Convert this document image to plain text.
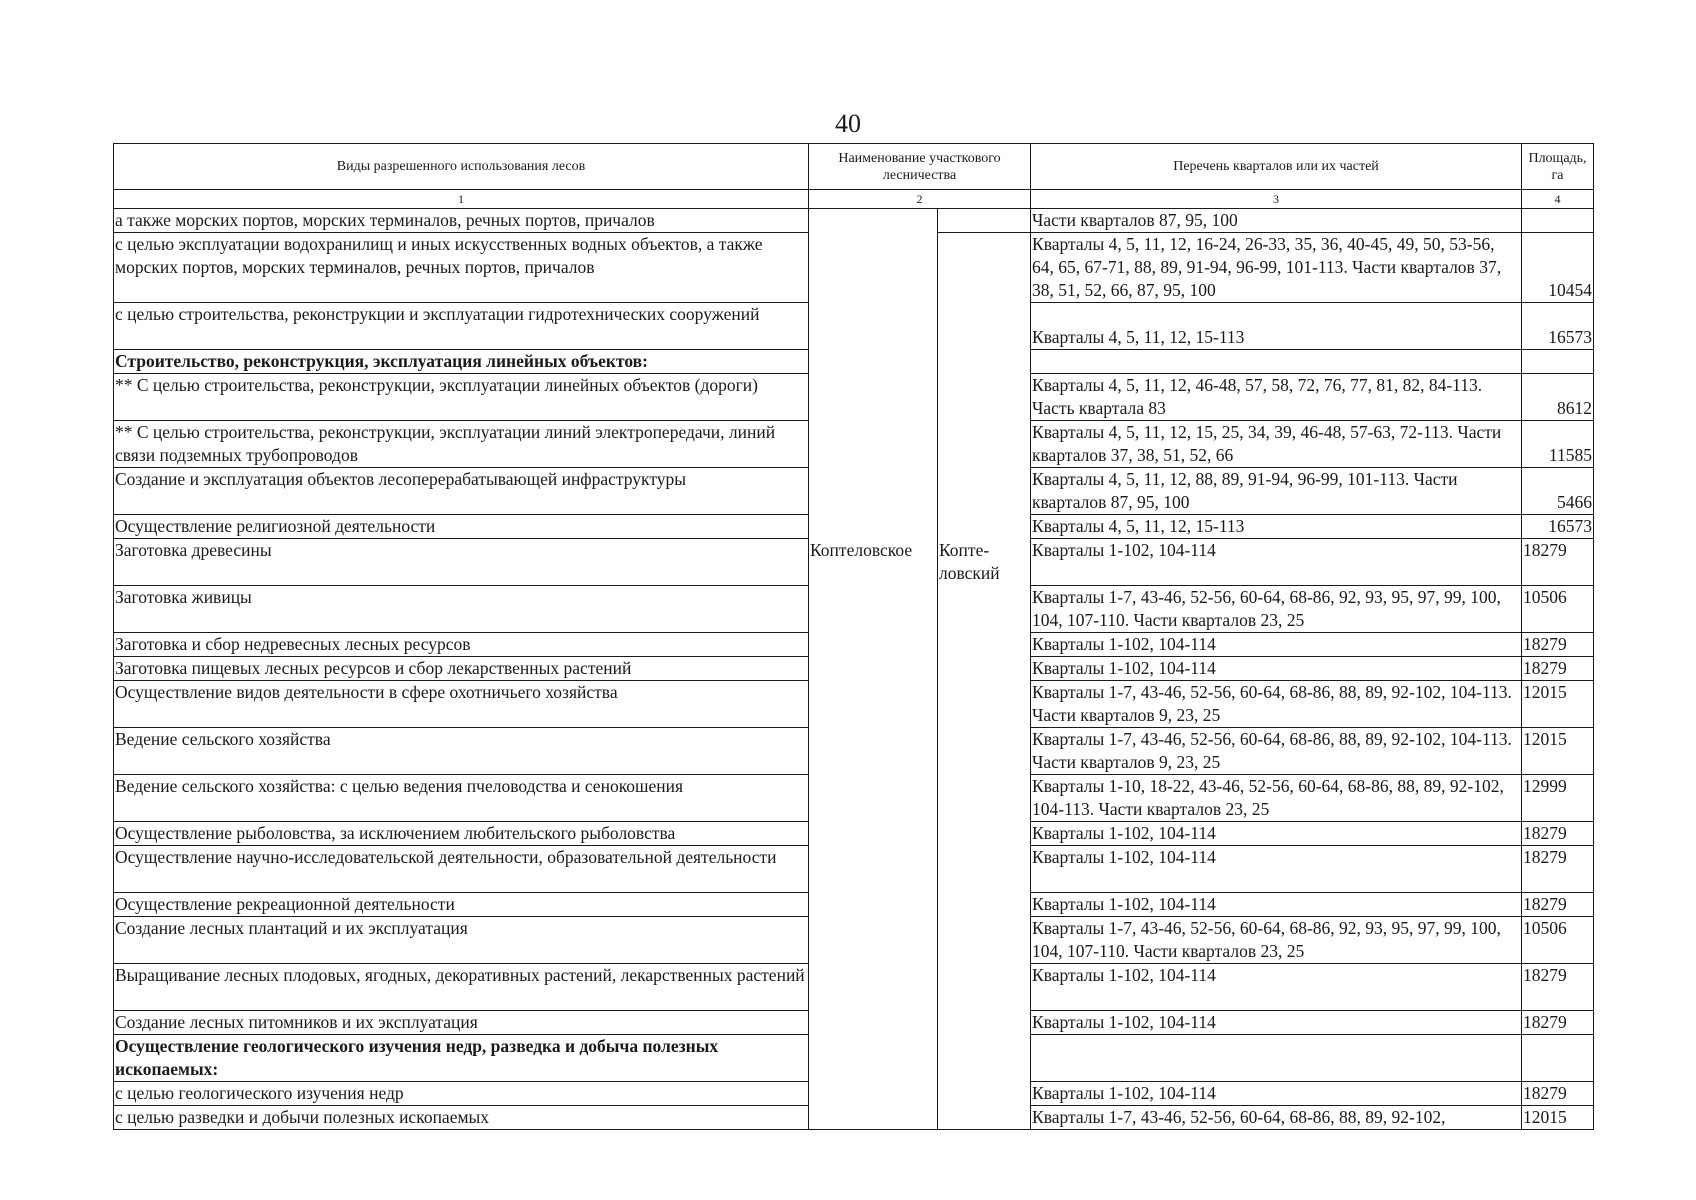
40
Виды разрешенного использования лесов	Наименование участкового лесничества		Перечень кварталов или их частей	Площадь, га
1	2		3	4
а также морских портов, морских терминалов, речных портов, причалов			Части кварталов 87, 95, 100	
с целью эксплуатации водохранилищ и иных искусственных водных объектов, а также морских портов, морских терминалов, речных портов, причалов			Кварталы 4, 5, 11, 12, 16-24, 26-33, 35, 36, 40-45, 49, 50, 53-56, 64, 65, 67-71, 88, 89, 91-94, 96-99, 101-113. Части кварталов 37, 38, 51, 52, 66, 87, 95, 100	10454
с целью строительства, реконструкции и эксплуатации гидротехнических сооружений			Кварталы 4, 5, 11, 12, 15-113	16573
Строительство, реконструкция, эксплуатация линейных объектов:				
** С целью строительства, реконструкции, эксплуатации линейных объектов (дороги)			Кварталы 4, 5, 11, 12, 46-48, 57, 58, 72, 76, 77, 81, 82, 84-113. Часть квартала 83	8612
** С целью строительства, реконструкции, эксплуатации линий электропередачи, линий связи подземных трубопроводов			Кварталы 4, 5, 11, 12, 15, 25, 34, 39, 46-48, 57-63, 72-113. Части кварталов 37, 38, 51, 52, 66	11585
Создание и эксплуатация объектов лесоперерабатывающей инфраструктуры			Кварталы 4, 5, 11, 12, 88, 89, 91-94, 96-99, 101-113. Части кварталов 87, 95, 100	5466
Осуществление религиозной деятельности			Кварталы 4, 5, 11, 12, 15-113	16573
Заготовка древесины	Коптеловское	Копте-ловский	Кварталы 1-102, 104-114	18279
Заготовка живицы			Кварталы 1-7, 43-46, 52-56, 60-64, 68-86, 92, 93, 95, 97, 99, 100, 104, 107-110. Части кварталов 23, 25	10506
Заготовка и сбор недревесных лесных ресурсов			Кварталы 1-102, 104-114	18279
Заготовка пищевых лесных ресурсов и сбор лекарственных растений			Кварталы 1-102, 104-114	18279
Осуществление видов деятельности в сфере охотничьего хозяйства			Кварталы 1-7, 43-46, 52-56, 60-64, 68-86, 88, 89, 92-102, 104-113. Части кварталов 9, 23, 25	12015
Ведение сельского хозяйства			Кварталы 1-7, 43-46, 52-56, 60-64, 68-86, 88, 89, 92-102, 104-113. Части кварталов 9, 23, 25	12015
Ведение сельского хозяйства: с целью ведения пчеловодства и сенокошения			Кварталы 1-10, 18-22, 43-46, 52-56, 60-64, 68-86, 88, 89, 92-102, 104-113. Части кварталов 23, 25	12999
Осуществление рыболовства, за исключением любительского рыболовства			Кварталы 1-102, 104-114	18279
Осуществление научно-исследовательской деятельности, образовательной деятельности			Кварталы 1-102, 104-114	18279
Осуществление рекреационной деятельности			Кварталы 1-102, 104-114	18279
Создание лесных плантаций и их эксплуатация			Кварталы 1-7, 43-46, 52-56, 60-64, 68-86, 92, 93, 95, 97, 99, 100, 104, 107-110. Части кварталов 23, 25	10506
Выращивание лесных плодовых, ягодных, декоративных растений, лекарственных растений			Кварталы 1-102, 104-114	18279
Создание лесных питомников и их эксплуатация			Кварталы 1-102, 104-114	18279
Осуществление геологического изучения недр, разведка и добыча полезных ископаемых:				
с целью геологического изучения недр			Кварталы 1-102, 104-114	18279
с целью разведки и добычи полезных ископаемых			Кварталы 1-7, 43-46, 52-56, 60-64, 68-86, 88, 89, 92-102,	12015
